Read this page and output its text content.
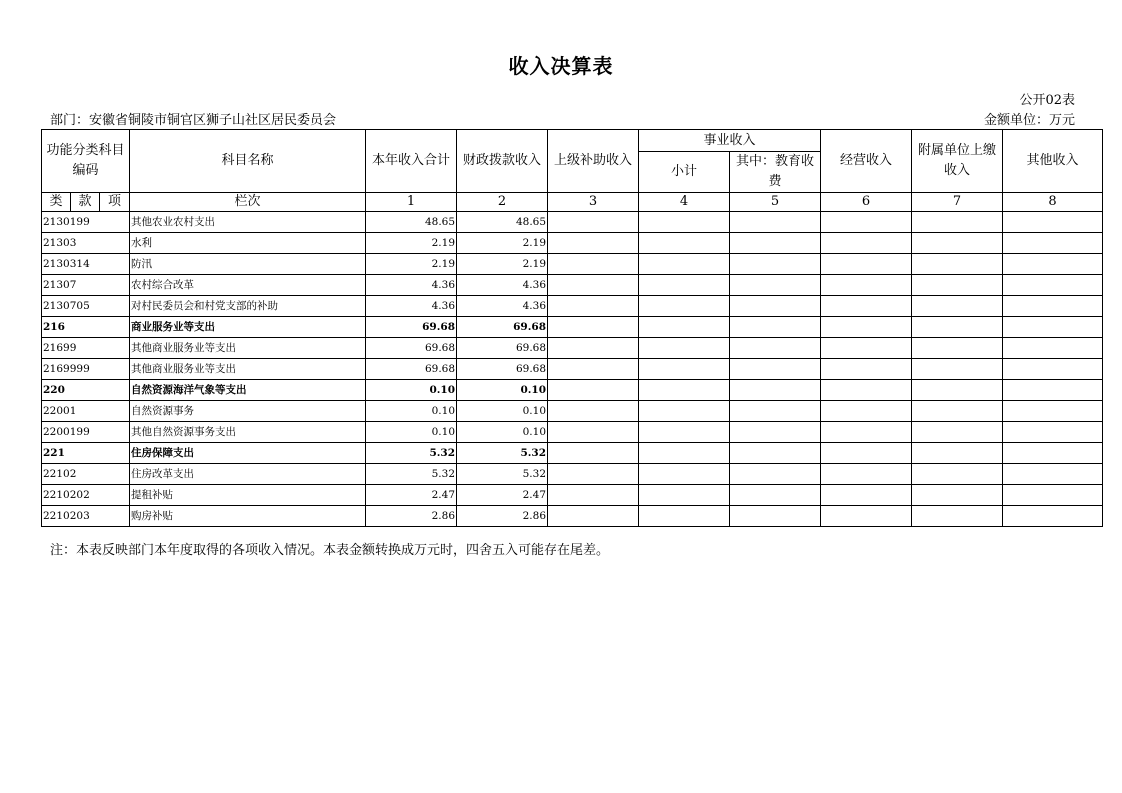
收入决算表
公开02表
部门：安徽省铜陵市铜官区狮子山社区居民委员会	金额单位：万元
功能分类科目编码			科目名称	本年收入合计	财政拨款收入	上级补助收入	事业收入		经营收入	附属单位上缴收入	其他收入
							小计	其中：教育收费			
类	款	项	栏次	1	2	3	4	5	6	7	8
2130199			其他农业农村支出	48.65	48.65						
21303			水利	2.19	2.19						
2130314			防汛	2.19	2.19						
21307			农村综合改革	4.36	4.36						
2130705			对村民委员会和村党支部的补助	4.36	4.36						
216			商业服务业等支出	69.68	69.68						
21699			其他商业服务业等支出	69.68	69.68						
2169999			其他商业服务业等支出	69.68	69.68						
220			自然资源海洋气象等支出	0.10	0.10						
22001			自然资源事务	0.10	0.10						
2200199			其他自然资源事务支出	0.10	0.10						
221			住房保障支出	5.32	5.32						
22102			住房改革支出	5.32	5.32						
2210202			提租补贴	2.47	2.47						
2210203			购房补贴	2.86	2.86						
注：本表反映部门本年度取得的各项收入情况。本表金额转换成万元时，四舍五入可能存在尾差。
